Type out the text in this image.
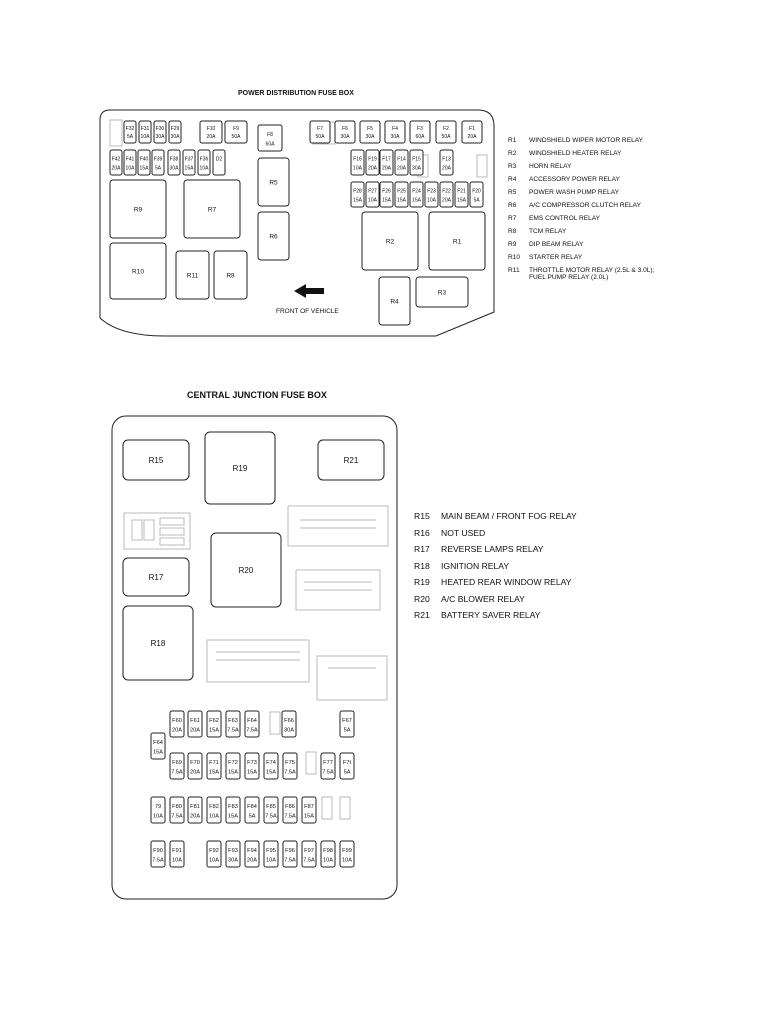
POWER DISTRIBUTION FUSE BOX
CENTRAL JUNCTION FUSE BOX
FRONT OF VEHICLE
F32
5A
F31
10A
F30
30A
F29
30A
F10
20A
F9
50A	F8
60A
F7
50A
F6
30A
F5
30A
F4
30A
F3
60A
F2
50A
F1
20A
F42
20A
F41
10A
F40
15A
F39
5A
F38
30A
F37
15A
F36
10A
D2	F16
10A
F19
20A
F17
20A
F14
20A
F15
30A
F13
20A
F28
15A
F27
10A
F26
15A
F25
15A
F24
15A
F23
10A
F22
20A
F21
15A
F20
5A
R9	R7
R5
R6
R10
R11	R8
R2	R1
R4
R3
F60
20A
F61
20A
F62
15A
F63
7.5A
F64
7.5A
F66
30A
F67
5A
F64
15A
F69
7.5A
F70
20A
F71
15A
F72
15A
F73
15A
F74
15A
F75
7.5A
F77
7.5A
F7t
5A
79
10A
F80
7.5A
F81
20A
F82
10A
F83
15A
F84
5A
F85
7.5A
F86
7.5A
F87
15A
F90
7.5A
F91
10A
F92
10A
F93
30A
F94
20A
F95
10A
F96
7.5A
F97
7.5A
F98
10A
F99
10A
R15
R19
R21
R17
R20
R18
R1 WINDSHIELD WIPER MOTOR RELAY
R2 WINDSHIELD HEATER RELAY
R3 HORN RELAY
R4 ACCESSORY POWER RELAY
R5 POWER WASH PUMP RELAY
R6 A/C COMPRESSOR CLUTCH RELAY
R7 EMS CONTROL RELAY
R8 TCM RELAY
R9 DIP BEAM RELAY
R10 STARTER RELAY
R11 THROTTLE MOTOR RELAY (2.5L & 3.0L);
FUEL PUMP RELAY (2.0L)
R15 MAIN BEAM / FRONT FOG RELAY
R16 NOT USED
R17 REVERSE LAMPS RELAY
R18 IGNITION RELAY
R19 HEATED REAR WINDOW RELAY
R20 A/C BLOWER RELAY
R21 BATTERY SAVER RELAY
